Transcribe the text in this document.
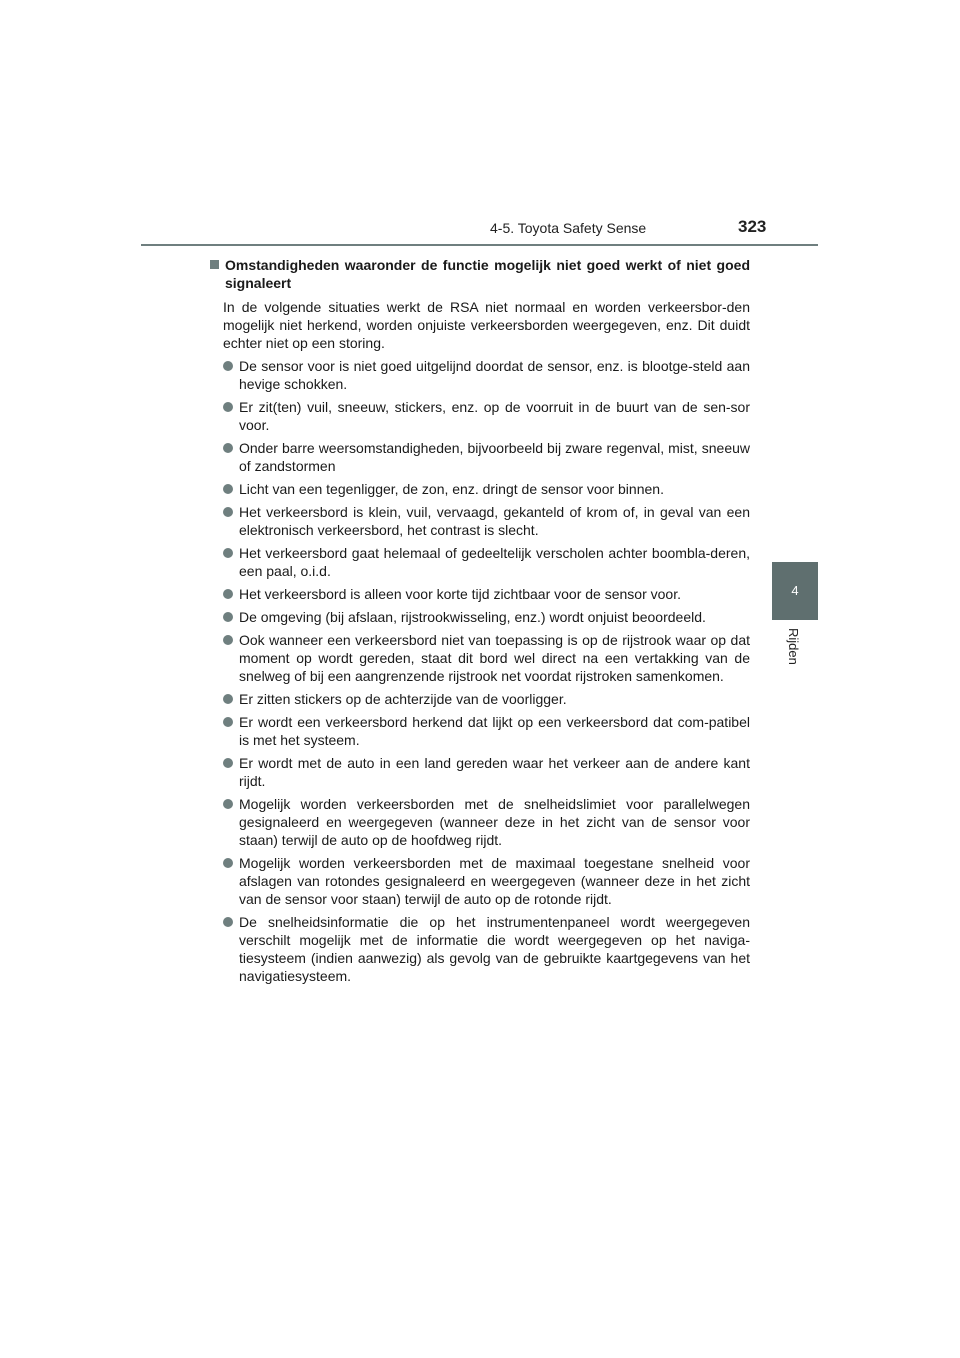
4-5. Toyota Safety Sense	323
4
Rijden
Omstandigheden waaronder de functie mogelijk niet goed werkt of niet goed signaleert
In de volgende situaties werkt de RSA niet normaal en worden verkeersbor-den mogelijk niet herkend, worden onjuiste verkeersborden weergegeven, enz. Dit duidt echter niet op een storing.
De sensor voor is niet goed uitgelijnd doordat de sensor, enz. is blootge-steld aan hevige schokken.
Er zit(ten) vuil, sneeuw, stickers, enz. op de voorruit in de buurt van de sen-sor voor.
Onder barre weersomstandigheden, bijvoorbeeld bij zware regenval, mist, sneeuw of zandstormen
Licht van een tegenligger, de zon, enz. dringt de sensor voor binnen.
Het verkeersbord is klein, vuil, vervaagd, gekanteld of krom of, in geval van een elektronisch verkeersbord, het contrast is slecht.
Het verkeersbord gaat helemaal of gedeeltelijk verscholen achter boombla-deren, een paal, o.i.d.
Het verkeersbord is alleen voor korte tijd zichtbaar voor de sensor voor.
De omgeving (bij afslaan, rijstrookwisseling, enz.) wordt onjuist beoordeeld.
Ook wanneer een verkeersbord niet van toepassing is op de rijstrook waar op dat moment op wordt gereden, staat dit bord wel direct na een vertakking van de snelweg of bij een aangrenzende rijstrook net voordat rijstroken samenkomen.
Er zitten stickers op de achterzijde van de voorligger.
Er wordt een verkeersbord herkend dat lijkt op een verkeersbord dat com-patibel is met het systeem.
Er wordt met de auto in een land gereden waar het verkeer aan de andere kant rijdt.
Mogelijk worden verkeersborden met de snelheidslimiet voor parallelwegen gesignaleerd en weergegeven (wanneer deze in het zicht van de sensor voor staan) terwijl de auto op de hoofdweg rijdt.
Mogelijk worden verkeersborden met de maximaal toegestane snelheid voor afslagen van rotondes gesignaleerd en weergegeven (wanneer deze in het zicht van de sensor voor staan) terwijl de auto op de rotonde rijdt.
De snelheidsinformatie die op het instrumentenpaneel wordt weergegeven verschilt mogelijk met de informatie die wordt weergegeven op het naviga-tiesysteem (indien aanwezig) als gevolg van de gebruikte kaartgegevens van het navigatiesysteem.
